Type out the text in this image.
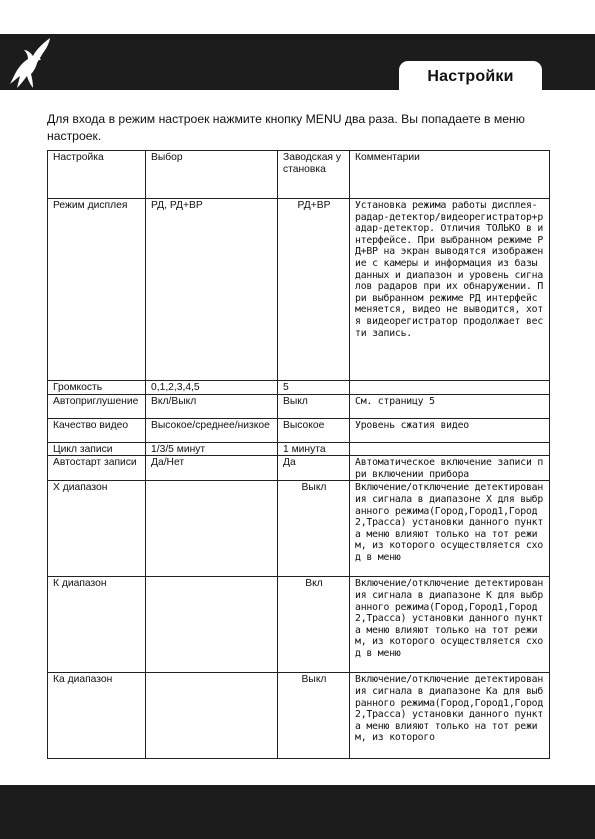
Настройки
Для входа в режим настроек нажмите кнопку MENU два раза. Вы попадаете в меню настроек.
Настройка	Выбор	Заводская установка	Комментарии
Режим дисплея	РД, РД+ВР	РД+ВР	Установка режима работы дисплея- радар-детектор/видеорегистратор+радар-детектор. Отличия ТОЛЬКО в интерфейсе. При выбранном режиме РД+ВР на экран выводятся изображение с камеры и информация из базы данных и диапазон и уровень сигналов радаров при их обнаружении. При выбранном режиме РД интерфейс меняется, видео не выводится, хотя видеорегистратор продолжает вести запись.
Громкость	0,1,2,3,4,5	5	
Автоприглушение	Вкл/Выкл	Выкл	См. страницу 5
Качество видео	Высокое/среднее/низкое	Высокое	Уровень сжатия видео
Цикл записи	1/3/5 минут	1 минута	
Автостарт записи	Да/Нет	Да	Автоматическое включение записи при включении прибора
X диапазон		Выкл	Включение/отключение детектирования сигнала в диапазоне X для выбранного режима(Город,Город1,Город2,Трасса) установки данного пункта меню влияют только на тот режим, из которого осуществляется сход в меню
К диапазон		Вкл	Включение/отключение детектирования сигнала в диапазоне К для выбранного режима(Город,Город1,Город2,Трасса) установки данного пункта меню влияют только на тот режим, из которого осуществляется сход в меню
Ка диапазон		Выкл	Включение/отключение детектирования сигнала в диапазоне Ка для выбранного режима(Город,Город1,Город2,Трасса) установки данного пункта меню влияют только на тот режим, из которого
